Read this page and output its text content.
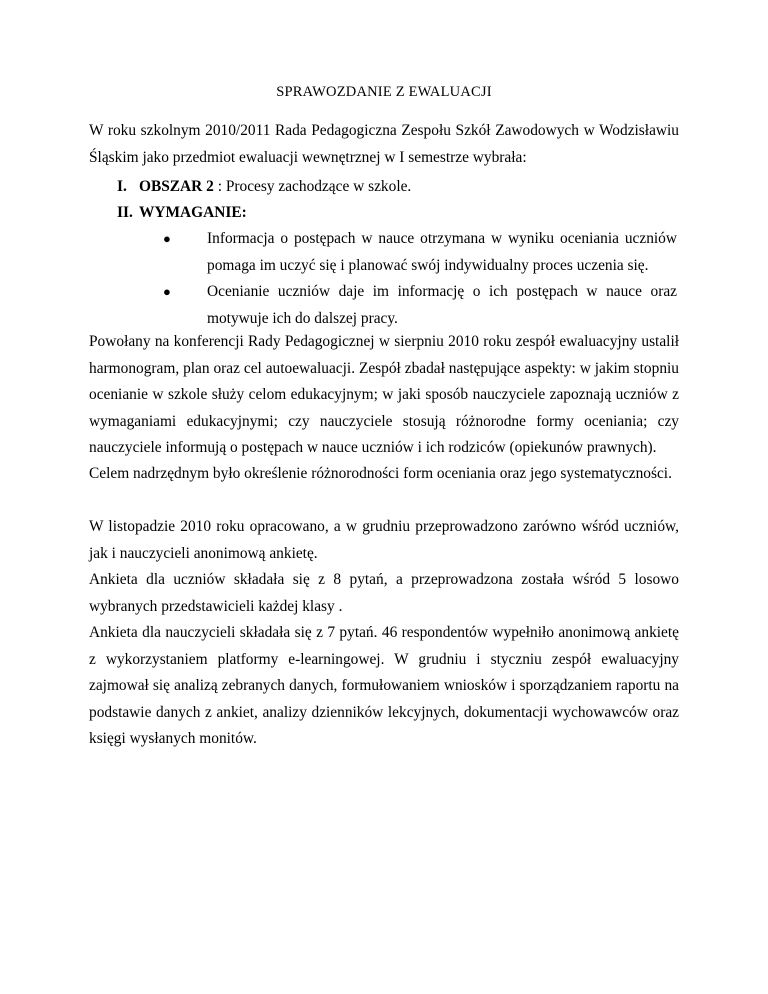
SPRAWOZDANIE Z EWALUACJI

W roku szkolnym 2010/2011 Rada Pedagogiczna Zespołu Szkół Zawodowych w Wodzisławiu Śląskim jako przedmiot ewaluacji wewnętrznej w I semestrze wybrała:

I. OBSZAR 2 : Procesy zachodzące w szkole.
II. WYMAGANIE:
●	Informacja o postępach w nauce otrzymana w wyniku oceniania uczniów pomaga im uczyć się i planować swój indywidualny proces uczenia się.
●	Ocenianie uczniów daje im informację o ich postępach w nauce oraz motywuje ich do dalszej pracy.

Powołany na konferencji Rady Pedagogicznej w sierpniu 2010 roku zespół ewaluacyjny ustalił harmonogram, plan oraz cel autoewaluacji. Zespół zbadał następujące aspekty: w jakim stopniu ocenianie w szkole służy celom edukacyjnym; w jaki sposób nauczyciele zapoznają uczniów z wymaganiami edukacyjnymi; czy nauczyciele stosują różnorodne formy oceniania; czy nauczyciele informują o postępach w nauce uczniów i ich rodziców (opiekunów prawnych).

Celem nadrzędnym było określenie różnorodności form oceniania oraz jego systematyczności.

W listopadzie 2010 roku opracowano, a w grudniu przeprowadzono zarówno wśród uczniów, jak i nauczycieli anonimową ankietę.

Ankieta dla uczniów składała się z 8 pytań, a przeprowadzona została wśród 5 losowo wybranych przedstawicieli każdej klasy .

Ankieta dla nauczycieli składała się z 7 pytań. 46 respondentów wypełniło anonimową ankietę z wykorzystaniem platformy e-learningowej. W grudniu i styczniu zespół ewaluacyjny zajmował się analizą zebranych danych, formułowaniem wniosków i sporządzaniem raportu na podstawie danych z ankiet, analizy dzienników lekcyjnych, dokumentacji wychowawców oraz księgi wysłanych monitów.
